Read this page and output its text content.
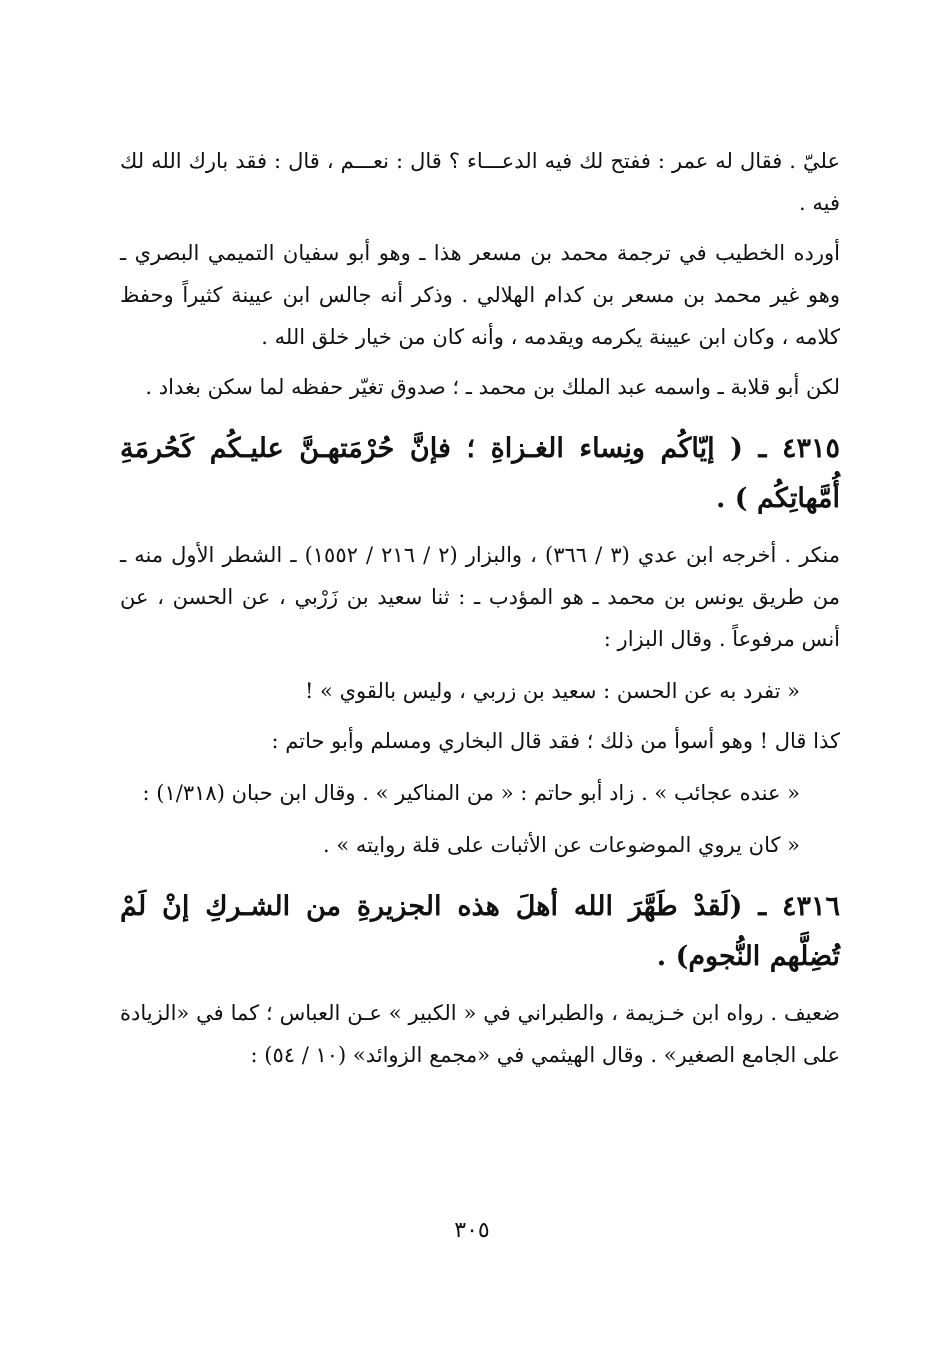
عليّ . فقال له عمر : ففتح لك فيه الدعـــاء ؟ قال : نعـــم ، قال : فقد بارك الله لك فيه .

أورده الخطيب في ترجمة محمد بن مسعر هذا ـ وهو أبو سفيان التميمي البصري ـ وهو غير محمد بن مسعر بن كدام الهلالي . وذكر أنه جالس ابن عيينة كثيراً وحفظ كلامه ، وكان ابن عيينة يكرمه ويقدمه ، وأنه كان من خيار خلق الله .

لكن أبو قلابة ـ واسمه عبد الملك بن محمد ـ ؛ صدوق تغيّر حفظه لما سكن بغداد .

٤٣١٥ ـ ( إيّاكُم ونِساء الغـزاةِ ؛ فإنَّ حُرْمَتهـنَّ عليـكُم كَحُرمَةِ أُمَّهاتِكُم ) .

منكر . أخرجه ابن عدي (٣ / ٣٦٦) ، والبزار (٢ / ٢١٦ / ١٥٥٢) ـ الشطر الأول منه ـ من طريق يونس بن محمد ـ هو المؤدب ـ : ثنا سعيد بن زَرْبي ، عن الحسن ، عن أنس مرفوعاً . وقال البزار :

« تفرد به عن الحسن : سعيد بن زربي ، وليس بالقوي » !

كذا قال ! وهو أسوأ من ذلك ؛ فقد قال البخاري ومسلم وأبو حاتم :

« عنده عجائب » . زاد أبو حاتم : « من المناكير » . وقال ابن حبان (١/٣١٨) :

« كان يروي الموضوعات عن الأثبات على قلة روايته » .

٤٣١٦ ـ (لَقدْ طَهَّرَ الله أهلَ هذه الجزيرةِ من الشـركِ إنْ لَمْ تُضِلَّهم النُّجوم) .

ضعيف . رواه ابن خـزيمة ، والطبراني في « الكبير » عـن العباس ؛ كما في «الزيادة على الجامع الصغير» . وقال الهيثمي في «مجمع الزوائد» (١٠ / ٥٤) :

٣٠٥
